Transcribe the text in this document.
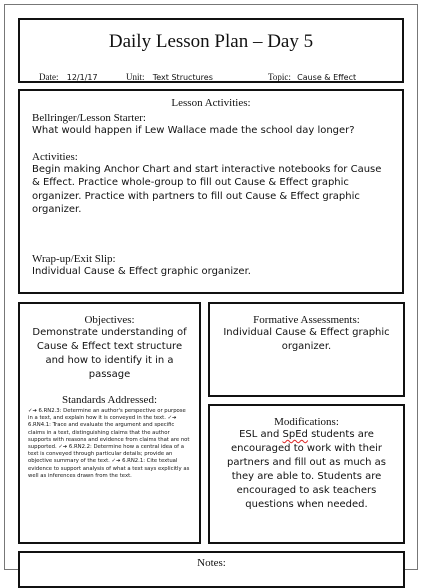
Daily Lesson Plan – Day 5
Date: 12/1/17	Unit: Text Structures	Topic: Cause & Effect
Lesson Activities:
Bellringer/Lesson Starter:
What would happen if Lew Wallace made the school day longer?
Activities:
Begin making Anchor Chart and start interactive notebooks for Cause & Effect. Practice whole-group to fill out Cause & Effect graphic organizer. Practice with partners to fill out Cause & Effect graphic organizer.
Wrap-up/Exit Slip:
Individual Cause & Effect graphic organizer.
Objectives:
Demonstrate understanding of Cause & Effect text structure and how to identify it in a passage
Standards Addressed:
✓➔ 6.RN2.3: Determine an author's perspective or purpose in a text, and explain how it is conveyed in the text. ✓➔ 6.RN4.1: Trace and evaluate the argument and specific claims in a text, distinguishing claims that the author supports with reasons and evidence from claims that are not supported. ✓➔ 6.RN2.2: Determine how a central idea of a text is conveyed through particular details; provide an objective summary of the text. ✓➔ 6.RN2.1: Cite textual evidence to support analysis of what a text says explicitly as well as inferences drawn from the text.
Formative Assessments:
Individual Cause & Effect graphic organizer.
Modifications:
ESL and SpEd students are encouraged to work with their partners and fill out as much as they are able to. Students are encouraged to ask teachers questions when needed.
Notes:
